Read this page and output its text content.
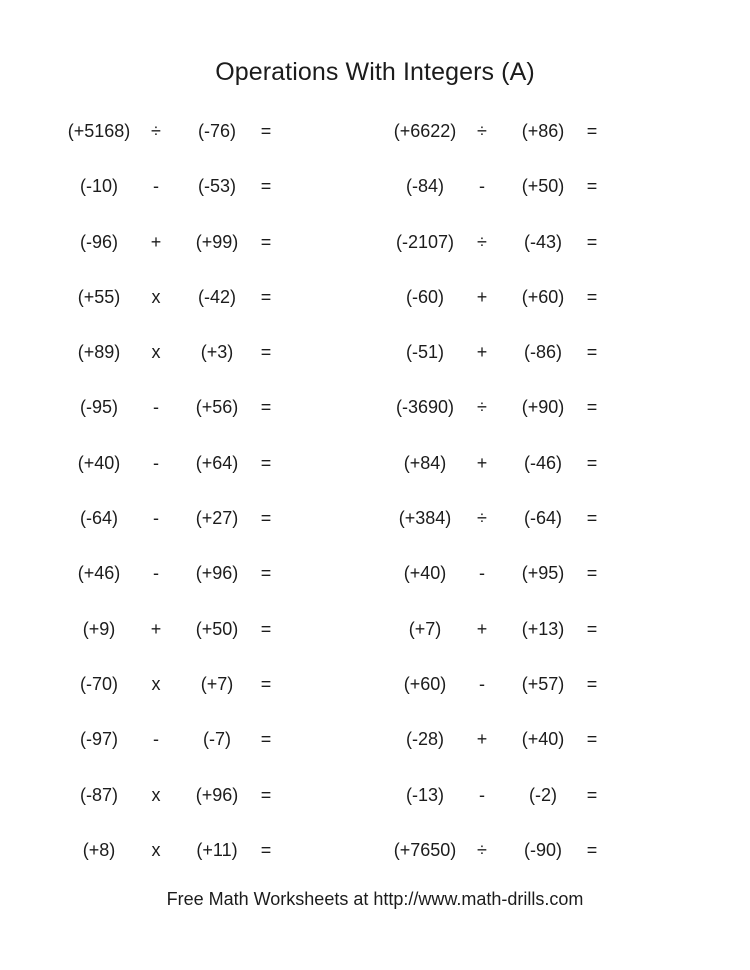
Operations With Integers (A)
(+5168)	÷	(-76)	=
(-10)	-	(-53)	=
(-96)	+	(+99)	=
(+55)	x	(-42)	=
(+89)	x	(+3)	=
(-95)	-	(+56)	=
(+40)	-	(+64)	=
(-64)	-	(+27)	=
(+46)	-	(+96)	=
(+9)	+	(+50)	=
(-70)	x	(+7)	=
(-97)	-	(-7)	=
(-87)	x	(+96)	=
(+8)	x	(+11)	=
(+6622)	÷	(+86)	=
(-84)	-	(+50)	=
(-2107)	÷	(-43)	=
(-60)	+	(+60)	=
(-51)	+	(-86)	=
(-3690)	÷	(+90)	=
(+84)	+	(-46)	=
(+384)	÷	(-64)	=
(+40)	-	(+95)	=
(+7)	+	(+13)	=
(+60)	-	(+57)	=
(-28)	+	(+40)	=
(-13)	-	(-2)	=
(+7650)	÷	(-90)	=
Free Math Worksheets at http://www.math-drills.com
